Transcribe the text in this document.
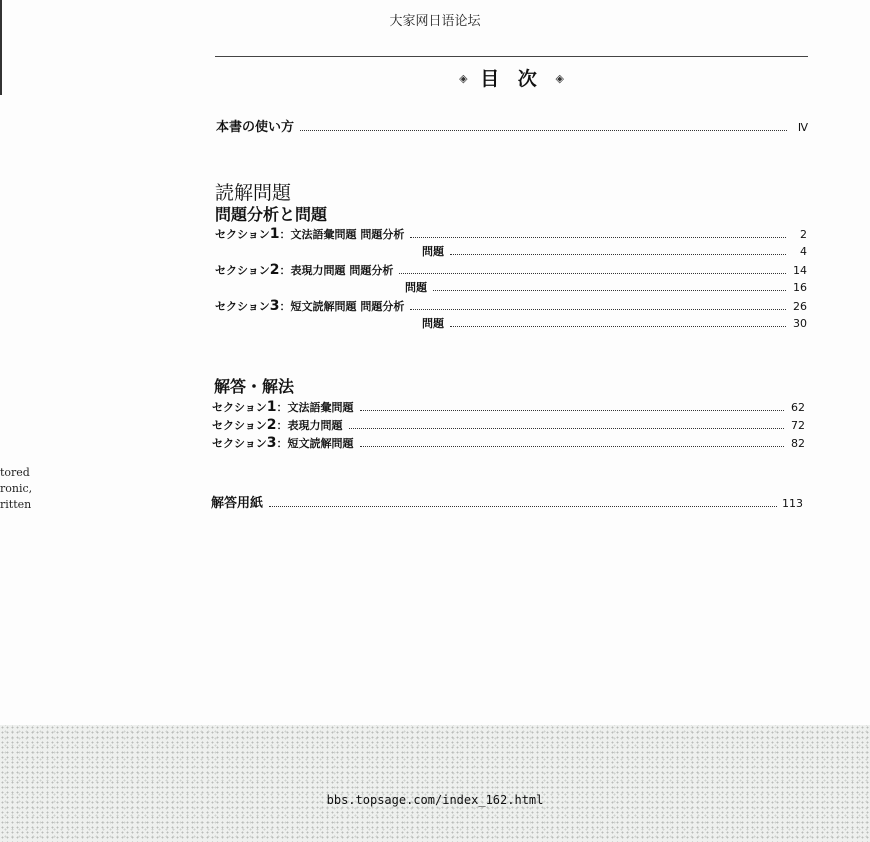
大家网日语论坛
◈ 目 次 ◈
本書の使い方	Ⅳ
読解問題
問題分析と問題
セクション1：文法語彙問題 問題分析	2
問題	4
セクション2：表現力問題 問題分析	14
問題	16
セクション3：短文読解問題 問題分析	26
問題	30
解答・解法
セクション1：文法語彙問題	62
セクション2：表現力問題	72
セクション3：短文読解問題	82
解答用紙	113
tored
ronic,
ritten
bbs.topsage.com/index_162.html
